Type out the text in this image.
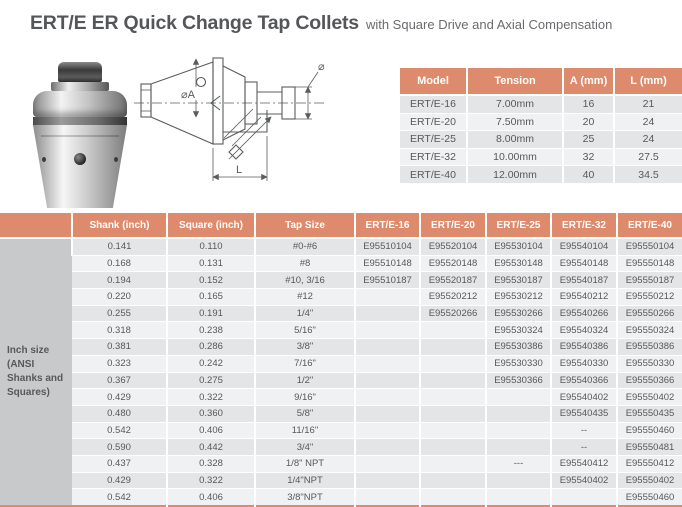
ERT/E ER Quick Change Tap Collets with Square Drive and Axial Compensation
⌀A
L
⌀
Model	Tension	A (mm)	L (mm)
ERT/E-16	7.00mm	16	21
ERT/E-20	7.50mm	20	24
ERT/E-25	8.00mm	25	24
ERT/E-32	10.00mm	32	27.5
ERT/E-40	12.00mm	40	34.5
	Shank (inch)	Square (inch)	Tap Size	ERT/E-16	ERT/E-20	ERT/E-25	ERT/E-32	ERT/E-40
Inch size (ANSI Shanks and Squares)	0.141	0.110	#0-#6	E95510104	E95520104	E95530104	E95540104	E95550104
	0.168	0.131	#8	E95510148	E95520148	E95530148	E95540148	E95550148
	0.194	0.152	#10, 3/16	E95510187	E95520187	E95530187	E95540187	E95550187
	0.220	0.165	#12		E95520212	E95530212	E95540212	E95550212
	0.255	0.191	1/4"		E95520266	E95530266	E95540266	E95550266
	0.318	0.238	5/16"			E95530324	E95540324	E95550324
	0.381	0.286	3/8"			E95530386	E95540386	E95550386
	0.323	0.242	7/16"			E95530330	E95540330	E95550330
	0.367	0.275	1/2"			E95530366	E95540366	E95550366
	0.429	0.322	9/16"				E95540402	E95550402
	0.480	0.360	5/8"				E95540435	E95550435
	0.542	0.406	11/16"				--	E95550460
	0.590	0.442	3/4"				--	E95550481
	0.437	0.328	1/8" NPT			---	E95540412	E95550412
	0.429	0.322	1/4"NPT				E95540402	E95550402
	0.542	0.406	3/8"NPT					E95550460
